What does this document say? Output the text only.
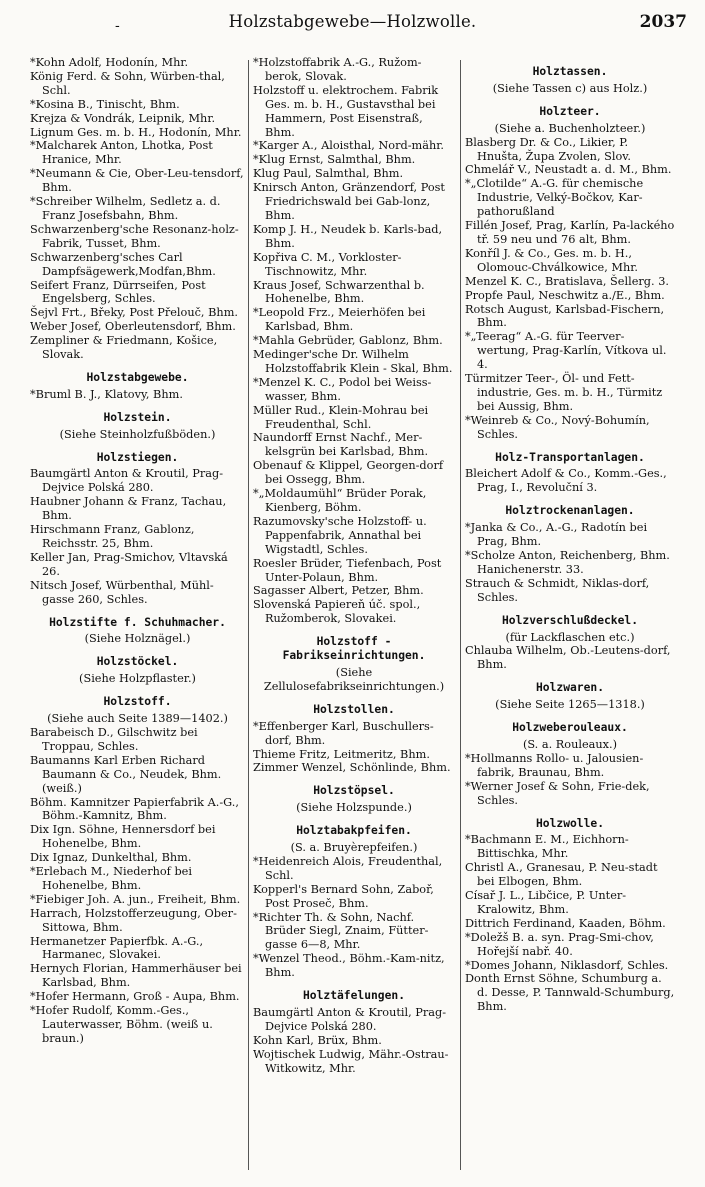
-	Holzstabgewebe—Holzwolle.	2037

*Kohn Adolf, Hodonín, Mhr.

König Ferd. & Sohn, Würben-thal, Schl.

*Kosina B., Tinischt, Bhm.

Krejza & Vondrák, Leipnik, Mhr.

Lignum Ges. m. b. H., Hodonín, Mhr.

*Malcharek Anton, Lhotka, Post Hranice, Mhr.

*Neumann & Cie, Ober-Leu-tensdorf, Bhm.

*Schreiber Wilhelm, Sedletz a. d. Franz Josefsbahn, Bhm.

Schwarzenberg'sche Resonanz-holz-Fabrik, Tusset, Bhm.

Schwarzenberg'sches Carl Dampfsägewerk,Modfan,Bhm.

Seifert Franz, Dürrseifen, Post Engelsberg, Schles.

Šejvl Frt., Břeky, Post Přelouč, Bhm.

Weber Josef, Oberleutensdorf, Bhm.

Zempliner & Friedmann, Košice, Slovak.

Holzstabgewebe.

*Bruml B. J., Klatovy, Bhm.

Holzstein.

(Siehe Steinholzfußböden.)

Holzstiegen.

Baumgärtl Anton & Kroutil, Prag-Dejvice Polská 280.

Haubner Johann & Franz, Tachau, Bhm.

Hirschmann Franz, Gablonz, Reichsstr. 25, Bhm.

Keller Jan, Prag-Smichov, Vltavská 26.

Nitsch Josef, Würbenthal, Mühl-gasse 260, Schles.

Holzstifte f. Schuhmacher.

(Siehe Holznägel.)

Holzstöckel.

(Siehe Holzpflaster.)

Holzstoff.

(Siehe auch Seite 1389—1402.)

Barabeisch D., Gilschwitz bei Troppau, Schles.

Baumanns Karl Erben Richard Baumann & Co., Neudek, Bhm. (weiß.)

Böhm. Kamnitzer Papierfabrik A.-G., Böhm.-Kamnitz, Bhm.

Dix Ign. Söhne, Hennersdorf bei Hohenelbe, Bhm.

Dix Ignaz, Dunkelthal, Bhm.

*Erlebach M., Niederhof bei Hohenelbe, Bhm.

*Fiebiger Joh. A. jun., Freiheit, Bhm.

Harrach, Holzstofferzeugung, Ober-Sittowa, Bhm.

Hermanetzer Papierfbk. A.-G., Harmanec, Slovakei.

Hernych Florian, Hammerhäuser bei Karlsbad, Bhm.

*Hofer Hermann, Groß - Aupa, Bhm.

*Hofer Rudolf, Komm.-Ges., Lauterwasser, Böhm. (weiß u. braun.)

*Holzstoffabrik A.-G., Ružom-berok, Slovak.

Holzstoff u. elektrochem. Fabrik Ges. m. b. H., Gustavsthal bei Hammern, Post Eisenstraß, Bhm.

*Karger A., Aloisthal, Nord-mähr.

*Klug Ernst, Salmthal, Bhm.

Klug Paul, Salmthal, Bhm.

Knirsch Anton, Gränzendorf, Post Friedrichswald bei Gab-lonz, Bhm.

Komp J. H., Neudek b. Karls-bad, Bhm.

Kopřiva C. M., Vorkloster-Tischnowitz, Mhr.

Kraus Josef, Schwarzenthal b. Hohenelbe, Bhm.

*Leopold Frz., Meierhöfen bei Karlsbad, Bhm.

*Mahla Gebrüder, Gablonz, Bhm.

Medinger'sche Dr. Wilhelm Holzstoffabrik Klein - Skal, Bhm.

*Menzel K. C., Podol bei Weiss-wasser, Bhm.

Müller Rud., Klein-Mohrau bei Freudenthal, Schl.

Naundorff Ernst Nachf., Mer-kelsgrün bei Karlsbad, Bhm.

Obenauf & Klippel, Georgen-dorf bei Ossegg, Bhm.

*„Moldaumühl“ Brüder Porak, Kienberg, Böhm.

Razumovsky'sche Holzstoff- u. Pappenfabrik, Annathal bei Wigstadtl, Schles.

Roesler Brüder, Tiefenbach, Post Unter-Polaun, Bhm.

Sagasser Albert, Petzer, Bhm.

Slovenská Papiereň úč. spol., Ružomberok, Slovakei.

Holzstoff - Fabrikseinrichtungen.

(Siehe Zellulosefabrikseinrichtungen.)

Holzstollen.

*Effenberger Karl, Buschullers-dorf, Bhm.

Thieme Fritz, Leitmeritz, Bhm.

Zimmer Wenzel, Schönlinde, Bhm.

Holzstöpsel.

(Siehe Holzspunde.)

Holztabakpfeifen.

(S. a. Bruyèrepfeifen.)

*Heidenreich Alois, Freudenthal, Schl.

Kopperl's Bernard Sohn, Zaboř, Post Proseč, Bhm.

*Richter Th. & Sohn, Nachf. Brüder Siegl, Znaim, Fütter-gasse 6—8, Mhr.

*Wenzel Theod., Böhm.-Kam-nitz, Bhm.

Holztäfelungen.

Baumgärtl Anton & Kroutil, Prag-Dejvice Polská 280.

Kohn Karl, Brüx, Bhm.

Wojtischek Ludwig, Mähr.-Ostrau-Witkowitz, Mhr.

Holztassen.

(Siehe Tassen c) aus Holz.)

Holzteer.

(Siehe a. Buchenholzteer.)

Blasberg Dr. & Co., Likier, P. Hnušta, Župa Zvolen, Slov.

Chmelář V., Neustadt a. d. M., Bhm.

*„Clotilde“ A.-G. für chemische Industrie, Velký-Bočkov, Kar-pathorußland

Fillén Josef, Prag, Karlín, Pa-lackého tř. 59 neu und 76 alt, Bhm.

Konříl J. & Co., Ges. m. b. H., Olomouc-Chválkowice, Mhr.

Menzel K. C., Bratislava, Šellerg. 3.

Propfe Paul, Neschwitz a./E., Bhm.

Rotsch August, Karlsbad-Fischern, Bhm.

*„Teerag“ A.-G. für Teerver-wertung, Prag-Karlín, Vítkova ul. 4.

Türmitzer Teer-, Öl- und Fett-industrie, Ges. m. b. H., Türmitz bei Aussig, Bhm.

*Weinreb & Co., Nový-Bohumín, Schles.

Holz-Transportanlagen.

Bleichert Adolf & Co., Komm.-Ges., Prag, I., Revoluční 3.

Holztrockenanlagen.

*Janka & Co., A.-G., Radotín bei Prag, Bhm.

*Scholze Anton, Reichenberg, Bhm. Hanichenerstr. 33.

Strauch & Schmidt, Niklas-dorf, Schles.

Holzverschlußdeckel.

(für Lackflaschen etc.)

Chlauba Wilhelm, Ob.-Leutens-dorf, Bhm.

Holzwaren.

(Siehe Seite 1265—1318.)

Holzweberouleaux.

(S. a. Rouleaux.)

*Hollmanns Rollo- u. Jalousien-fabrik, Braunau, Bhm.

*Werner Josef & Sohn, Frie-dek, Schles.

Holzwolle.

*Bachmann E. M., Eichhorn-Bittischka, Mhr.

Christl A., Granesau, P. Neu-stadt bei Elbogen, Bhm.

Císař J. L., Libčice, P. Unter-Kralowitz, Bhm.

Dittrich Ferdinand, Kaaden, Böhm.

*Doležš B. a. syn. Prag-Smi-chov, Hořejší nabř. 40.

*Domes Johann, Niklasdorf, Schles.

Donth Ernst Söhne, Schumburg a. d. Desse, P. Tannwald-Schumburg, Bhm.
